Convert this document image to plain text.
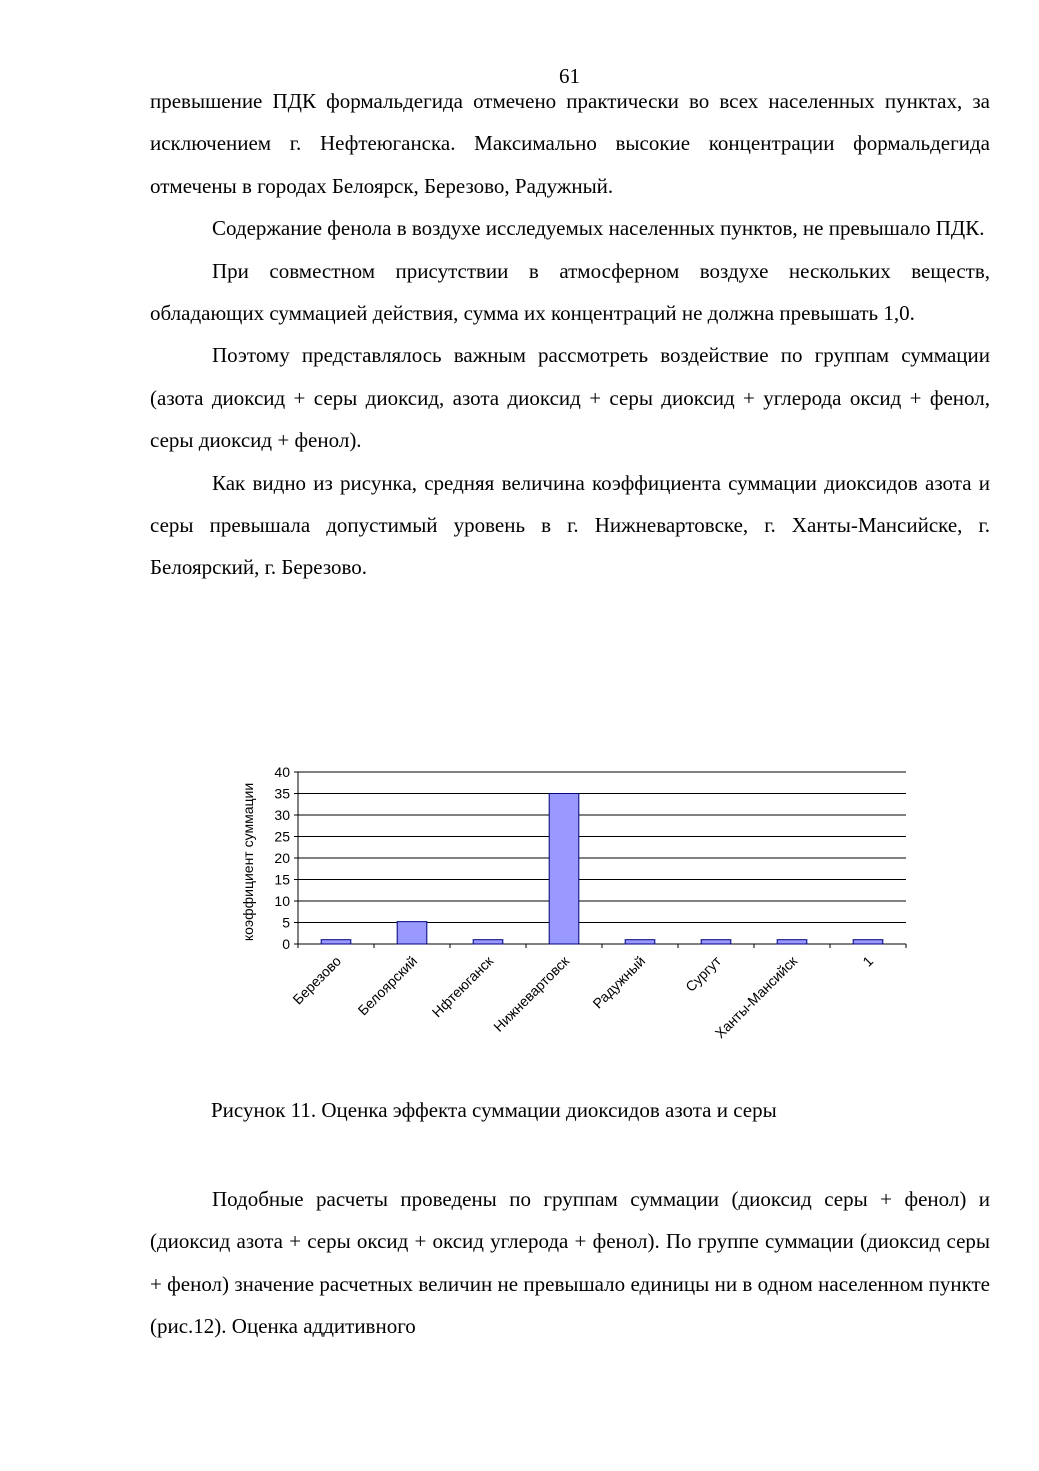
61

превышение ПДК формальдегида отмечено практически во всех населенных пунктах, за исключением г. Нефтеюганска. Максимально высокие концентрации формальдегида отмечены в городах Белоярск, Березово, Радужный.

Содержание фенола в воздухе исследуемых населенных пунктов, не превышало ПДК.

При совместном присутствии в атмосферном воздухе нескольких веществ, обладающих суммацией действия, сумма их концентраций не должна превышать 1,0.

Поэтому представлялось важным рассмотреть воздействие по группам суммации (азота диоксид + серы диоксид, азота диоксид + серы диоксид + углерода оксид + фенол, серы диоксид + фенол).

Как видно из рисунка, средняя величина коэффициента суммации диоксидов азота и серы превышала допустимый уровень в г. Нижневартовске, г. Ханты-Мансийске, г. Белоярский, г. Березово.

0
5
10
15
20
25
30
35
40
Березово Белоярский Нфтеюганск
Нижневартовск Радужный Сургут
Ханты-Мансийск	1
коэффициент суммации
Рисунок 11. Оценка эффекта суммации диоксидов азота и серы

Подобные расчеты проведены по группам суммации (диоксид серы + фенол) и (диоксид азота + серы оксид + оксид углерода + фенол). По группе суммации (диоксид серы + фенол) значение расчетных величин не превышало единицы ни в одном населенном пункте (рис.12). Оценка аддитивного
